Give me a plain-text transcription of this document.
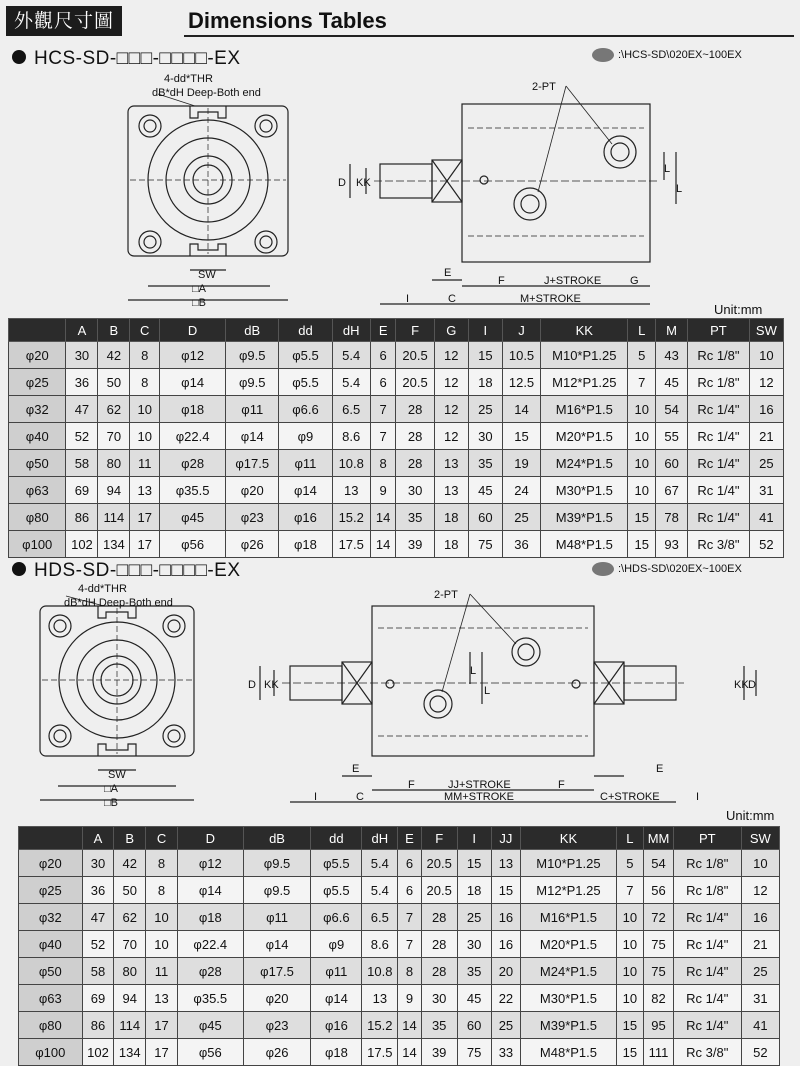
外觀尺寸圖	Dimensions Tables
HCS-SD-□□□-□□□□-EX	:\HCS-SD\020EX~100EX
4-dd*THR
dB*dH Deep-Both end
SW
□A
□B
2-PT
D KK
L
L
E
F	J+STROKE	G
I	C	M+STROKE
Unit:mm
	A	B	C	D	dB	dd	dH	E	F	G	I	J	KK	L	M	PT	SW
φ20	30	42	8	φ12	φ9.5	φ5.5	5.4	6	20.5	12	15	10.5	M10*P1.25	5	43	Rc 1/8"	10
φ25	36	50	8	φ14	φ9.5	φ5.5	5.4	6	20.5	12	18	12.5	M12*P1.25	7	45	Rc 1/8"	12
φ32	47	62	10	φ18	φ11	φ6.6	6.5	7	28	12	25	14	M16*P1.5	10	54	Rc 1/4"	16
φ40	52	70	10	φ22.4	φ14	φ9	8.6	7	28	12	30	15	M20*P1.5	10	55	Rc 1/4"	21
φ50	58	80	11	φ28	φ17.5	φ11	10.8	8	28	13	35	19	M24*P1.5	10	60	Rc 1/4"	25
φ63	69	94	13	φ35.5	φ20	φ14	13	9	30	13	45	24	M30*P1.5	10	67	Rc 1/4"	31
φ80	86	114	17	φ45	φ23	φ16	15.2	14	35	18	60	25	M39*P1.5	15	78	Rc 1/4"	41
φ100	102	134	17	φ56	φ26	φ18	17.5	14	39	18	75	36	M48*P1.5	15	93	Rc 3/8"	52
HDS-SD-□□□-□□□□-EX	:\HDS-SD\020EX~100EX
4-dd*THR
dB*dH Deep-Both end
SW
□A
□B
2-PT
D KK
L
L	KK D
E	E
F	JJ+STROKE	F
I	C	MM+STROKE	C+STROKE	I
Unit:mm
	A	B	C	D	dB	dd	dH	E	F	I	JJ	KK	L	MM	PT	SW
φ20	30	42	8	φ12	φ9.5	φ5.5	5.4	6	20.5	15	13	M10*P1.25	5	54	Rc 1/8"	10
φ25	36	50	8	φ14	φ9.5	φ5.5	5.4	6	20.5	18	15	M12*P1.25	7	56	Rc 1/8"	12
φ32	47	62	10	φ18	φ11	φ6.6	6.5	7	28	25	16	M16*P1.5	10	72	Rc 1/4"	16
φ40	52	70	10	φ22.4	φ14	φ9	8.6	7	28	30	16	M20*P1.5	10	75	Rc 1/4"	21
φ50	58	80	11	φ28	φ17.5	φ11	10.8	8	28	35	20	M24*P1.5	10	75	Rc 1/4"	25
φ63	69	94	13	φ35.5	φ20	φ14	13	9	30	45	22	M30*P1.5	10	82	Rc 1/4"	31
φ80	86	114	17	φ45	φ23	φ16	15.2	14	35	60	25	M39*P1.5	15	95	Rc 1/4"	41
φ100	102	134	17	φ56	φ26	φ18	17.5	14	39	75	33	M48*P1.5	15	111	Rc 3/8"	52
